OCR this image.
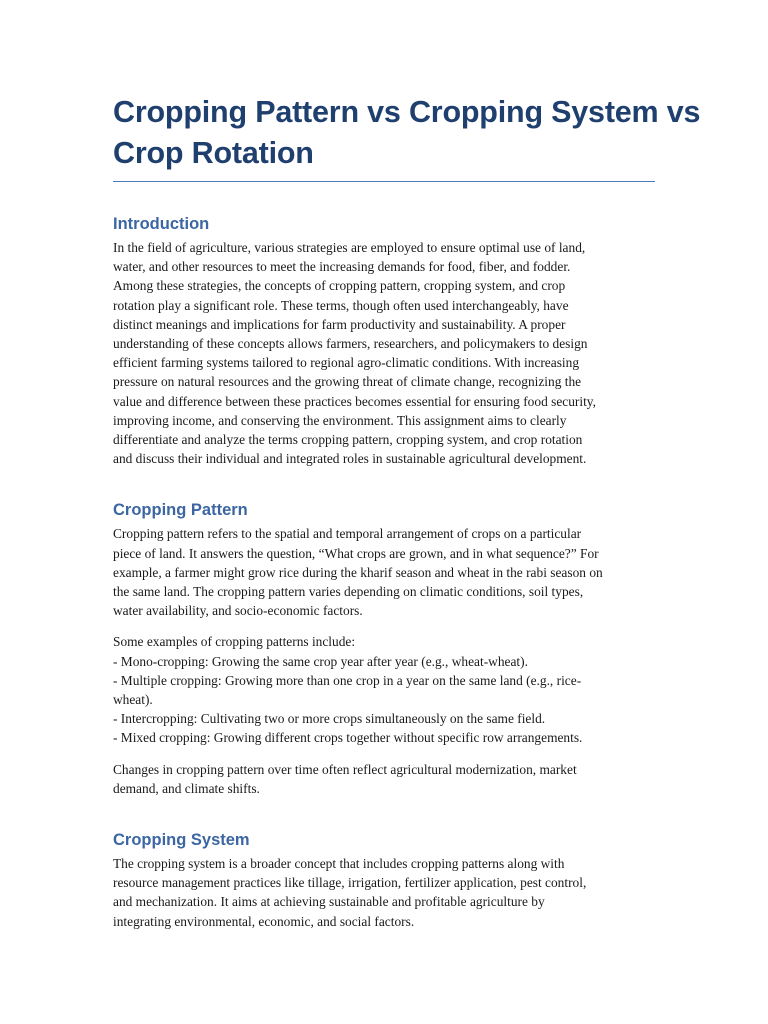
Cropping Pattern vs Cropping System vs
Crop Rotation
Introduction

In the field of agriculture, various strategies are employed to ensure optimal use of land,
water, and other resources to meet the increasing demands for food, fiber, and fodder.
Among these strategies, the concepts of cropping pattern, cropping system, and crop
rotation play a significant role. These terms, though often used interchangeably, have
distinct meanings and implications for farm productivity and sustainability. A proper
understanding of these concepts allows farmers, researchers, and policymakers to design
efficient farming systems tailored to regional agro-climatic conditions. With increasing
pressure on natural resources and the growing threat of climate change, recognizing the
value and difference between these practices becomes essential for ensuring food security,
improving income, and conserving the environment. This assignment aims to clearly
differentiate and analyze the terms cropping pattern, cropping system, and crop rotation
and discuss their individual and integrated roles in sustainable agricultural development.

Cropping Pattern

Cropping pattern refers to the spatial and temporal arrangement of crops on a particular
piece of land. It answers the question, “What crops are grown, and in what sequence?” For
example, a farmer might grow rice during the kharif season and wheat in the rabi season on
the same land. The cropping pattern varies depending on climatic conditions, soil types,
water availability, and socio-economic factors.

Some examples of cropping patterns include:
- Mono-cropping: Growing the same crop year after year (e.g., wheat-wheat).
- Multiple cropping: Growing more than one crop in a year on the same land (e.g., rice-
wheat).
- Intercropping: Cultivating two or more crops simultaneously on the same field.
- Mixed cropping: Growing different crops together without specific row arrangements.

Changes in cropping pattern over time often reflect agricultural modernization, market
demand, and climate shifts.

Cropping System

The cropping system is a broader concept that includes cropping patterns along with
resource management practices like tillage, irrigation, fertilizer application, pest control,
and mechanization. It aims at achieving sustainable and profitable agriculture by
integrating environmental, economic, and social factors.
